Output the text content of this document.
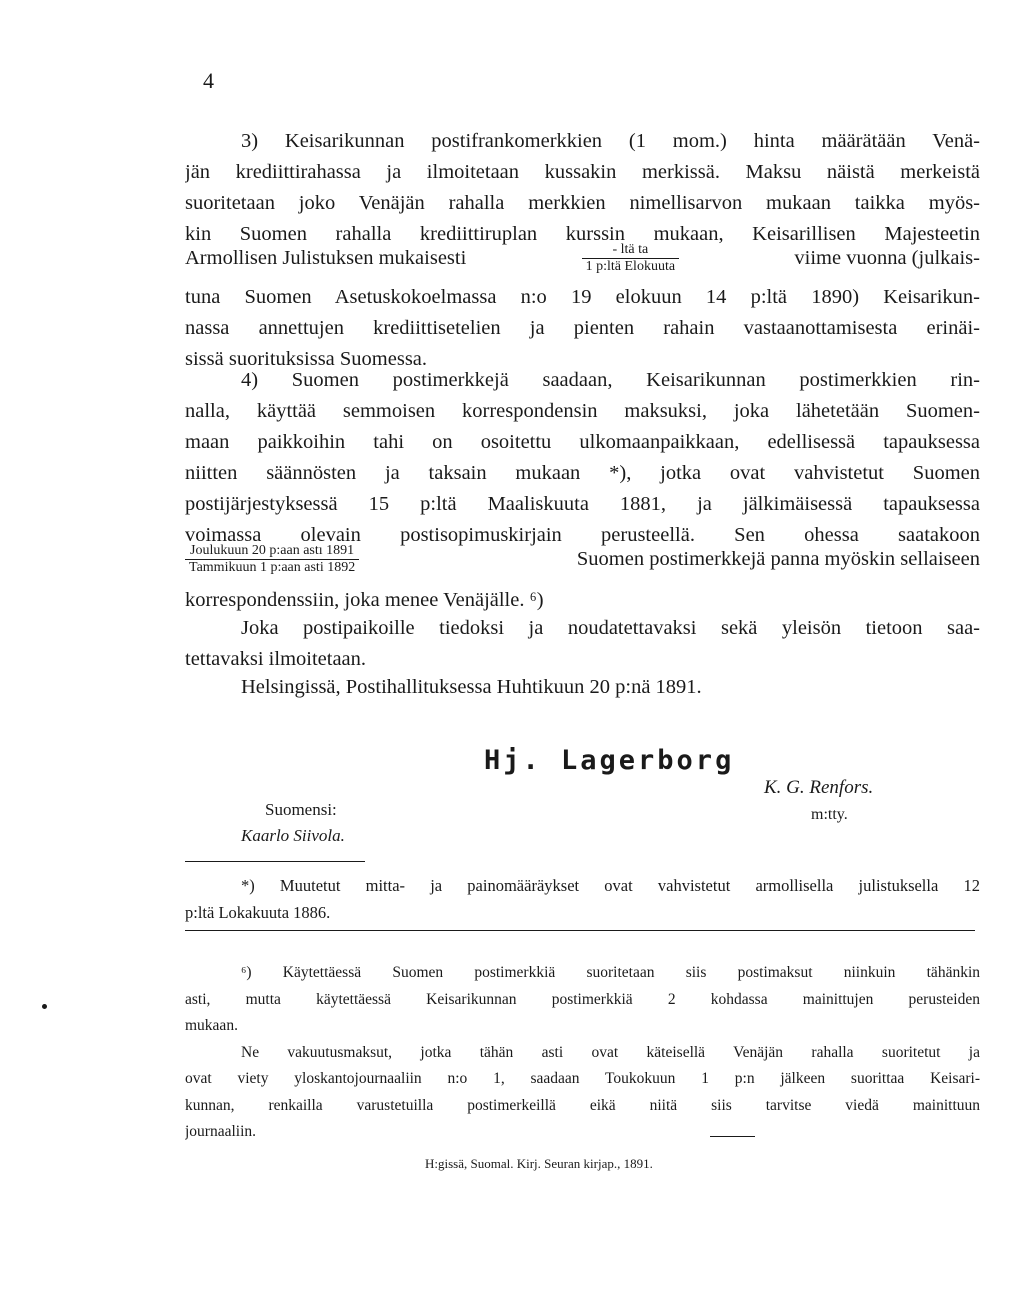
4
3) Keisarikunnan postifrankomerkkien (1 mom.) hinta määrätään Venä-
jän krediittirahassa ja ilmoitetaan kussakin merkissä. Maksu näistä merkeistä
suoritetaan joko Venäjän rahalla merkkien nimellisarvon mukaan taikka myös-
kin Suomen rahalla krediittiruplan kurssin mukaan, Keisarillisen Majesteetin
Armollisen Julistuksen mukaisesti	$\frac{\text{- ltä ta}}{\text{1 p:ltä Elokuuta}}$	viime vuonna (julkais-
tuna Suomen Asetuskokoelmassa n:o 19 elokuun 14 p:ltä 1890) Keisarikun-
nassa annettujen krediittisetelien ja pienten rahain vastaanottamisesta erinäi-
sissä suorituksissa Suomessa.
4) Suomen postimerkkejä saadaan, Keisarikunnan postimerkkien rin-
nalla, käyttää semmoisen korrespondensin maksuksi, joka lähetetään Suomen-
maan paikkoihin tahi on osoitettu ulkomaanpaikkaan, edellisessä tapauksessa
niitten säännösten ja taksain mukaan *), jotka ovat vahvistetut Suomen
postijärjestyksessä 15 p:ltä Maaliskuuta 1881, ja jälkimäisessä tapauksessa
voimassa olevain postisopimuskirjain perusteellä. Sen ohessa saatakoon
$\frac{\text{Joulukuun 20 p:aan astı 1891}}{\text{Tammikuun 1 p:aan asti 1892}}$	Suomen postimerkkejä panna myöskin sellaiseen
korrespondenssiin, joka menee Venäjälle. ⁶)
Joka postipaikoille tiedoksi ja noudatettavaksi sekä yleisön tietoon saa-
tettavaksi ilmoitetaan.
Helsingissä, Postihallituksessa Huhtikuun 20 p:nä 1891.
Hj. Lagerborg
K. G. Renfors.
m:tty.
Suomensi:
Kaarlo Siivola.
*) Muutetut mitta- ja painomääräykset ovat vahvistetut armollisella julistuksella 12
p:ltä Lokakuuta 1886.
⁶) Käytettäessä Suomen postimerkkiä suoritetaan siis postimaksut niinkuin tähänkin
asti, mutta käytettäessä Keisarikunnan postimerkkiä 2 kohdassa mainittujen perusteiden
mukaan.
Ne vakuutusmaksut, jotka tähän asti ovat käteisellä Venäjän rahalla suoritetut ja
ovat viety yloskantojournaaliin n:o 1, saadaan Toukokuun 1 p:n jälkeen suorittaa Keisari-
kunnan, renkailla varustetuilla postimerkeillä eikä niitä siis tarvitse viedä mainittuun
journaaliin.
H:gissä, Suomal. Kirj. Seuran kirjap., 1891.
